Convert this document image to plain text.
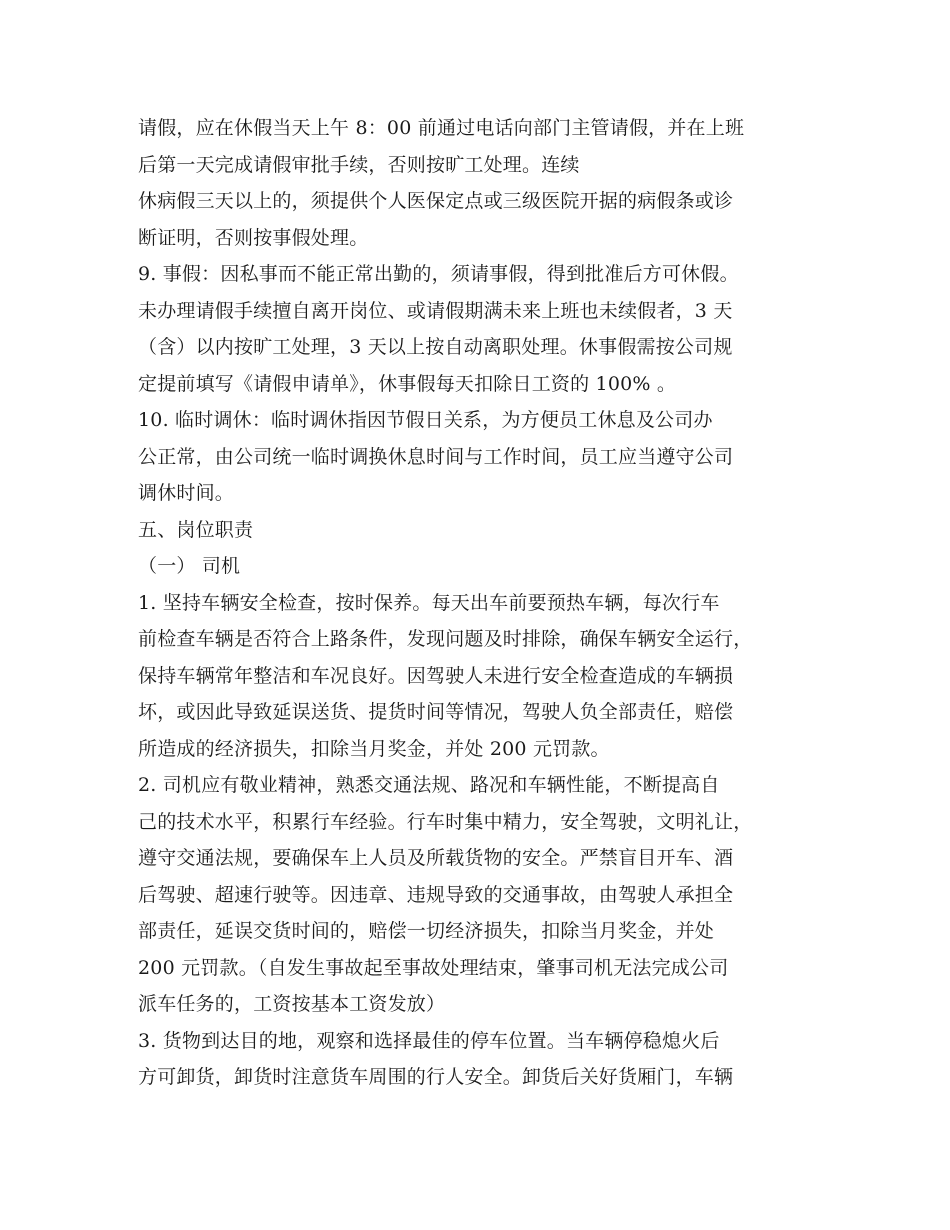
请假，应在休假当天上午 8：00 前通过电话向部门主管请假，并在上班
后第一天完成请假审批手续，否则按旷工处理。连续
休病假三天以上的，须提供个人医保定点或三级医院开据的病假条或诊
断证明，否则按事假处理。
9. 事假：因私事而不能正常出勤的，须请事假，得到批准后方可休假。
未办理请假手续擅自离开岗位、或请假期满未来上班也未续假者，3 天
（含）以内按旷工处理，3 天以上按自动离职处理。休事假需按公司规
定提前填写《请假申请单》，休事假每天扣除日工资的 100% 。
10. 临时调休：临时调休指因节假日关系，为方便员工休息及公司办
公正常，由公司统一临时调换休息时间与工作时间，员工应当遵守公司
调休时间。
五、岗位职责
（一） 司机
1. 坚持车辆安全检查，按时保养。每天出车前要预热车辆，每次行车
前检查车辆是否符合上路条件，发现问题及时排除，确保车辆安全运行，
保持车辆常年整洁和车况良好。因驾驶人未进行安全检查造成的车辆损
坏，或因此导致延误送货、提货时间等情况，驾驶人负全部责任，赔偿
所造成的经济损失，扣除当月奖金，并处 200 元罚款。
2. 司机应有敬业精神，熟悉交通法规、路况和车辆性能，不断提高自
己的技术水平，积累行车经验。行车时集中精力，安全驾驶，文明礼让，
遵守交通法规，要确保车上人员及所载货物的安全。严禁盲目开车、酒
后驾驶、超速行驶等。因违章、违规导致的交通事故，由驾驶人承担全
部责任，延误交货时间的，赔偿一切经济损失，扣除当月奖金，并处
200 元罚款。（自发生事故起至事故处理结束，肇事司机无法完成公司
派车任务的，工资按基本工资发放）
3. 货物到达目的地，观察和选择最佳的停车位置。当车辆停稳熄火后
方可卸货，卸货时注意货车周围的行人安全。卸货后关好货厢门，车辆
